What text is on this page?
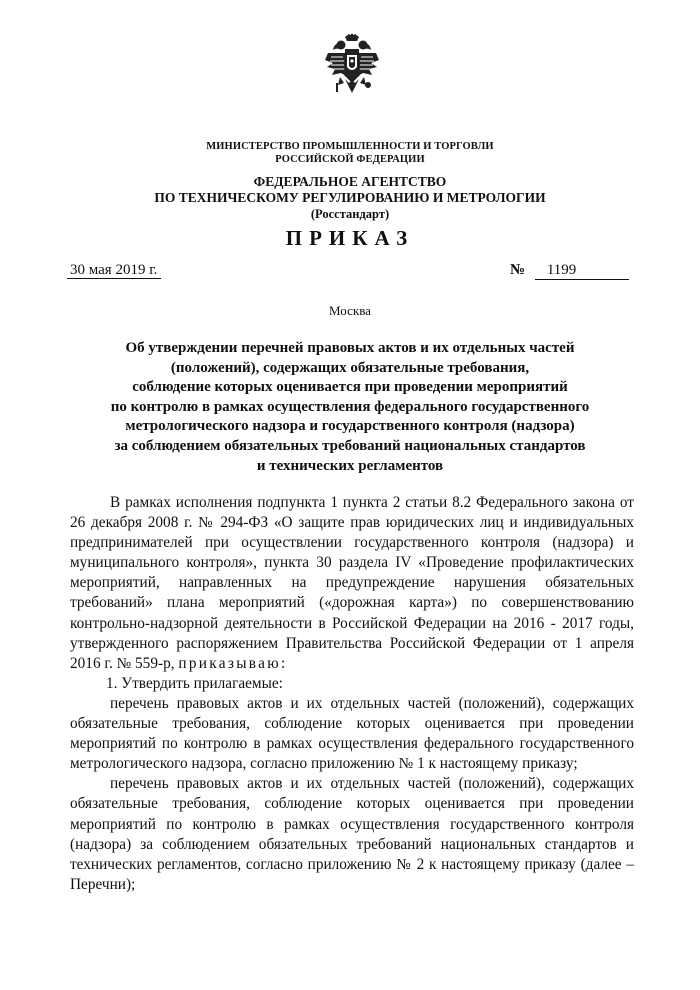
МИНИСТЕРСТВО ПРОМЫШЛЕННОСТИ И ТОРГОВЛИ
РОССИЙСКОЙ ФЕДЕРАЦИИ
ФЕДЕРАЛЬНОЕ АГЕНТСТВО
ПО ТЕХНИЧЕСКОМУ РЕГУЛИРОВАНИЮ И МЕТРОЛОГИИ
(Росстандарт)
ПРИКАЗ
30 мая 2019 г.	№ 1199
Москва
Об утверждении перечней правовых актов и их отдельных частей
(положений), содержащих обязательные требования,
соблюдение которых оценивается при проведении мероприятий
по контролю в рамках осуществления федерального государственного
метрологического надзора и государственного контроля (надзора)
за соблюдением обязательных требований национальных стандартов
и технических регламентов

В рамках исполнения подпункта 1 пункта 2 статьи 8.2 Федерального закона от 26 декабря 2008 г. № 294-ФЗ «О защите прав юридических лиц и индивидуальных предпринимателей при осуществлении государственного контроля (надзора) и муниципального контроля», пункта 30 раздела IV «Проведение профилактических мероприятий, направленных на предупреждение нарушения обязательных требований» плана мероприятий («дорожная карта») по совершенствованию контрольно-надзорной деятельности в Российской Федерации на 2016 - 2017 годы, утвержденного распоряжением Правительства Российской Федерации от 1 апреля 2016 г. № 559-р, приказываю:

1. Утвердить прилагаемые:

перечень правовых актов и их отдельных частей (положений), содержащих обязательные требования, соблюдение которых оценивается при проведении мероприятий по контролю в рамках осуществления федерального государственного метрологического надзора, согласно приложению № 1 к настоящему приказу;

перечень правовых актов и их отдельных частей (положений), содержащих обязательные требования, соблюдение которых оценивается при проведении мероприятий по контролю в рамках осуществления государственного контроля (надзора) за соблюдением обязательных требований национальных стандартов и технических регламентов, согласно приложению № 2 к настоящему приказу (далее – Перечни);
